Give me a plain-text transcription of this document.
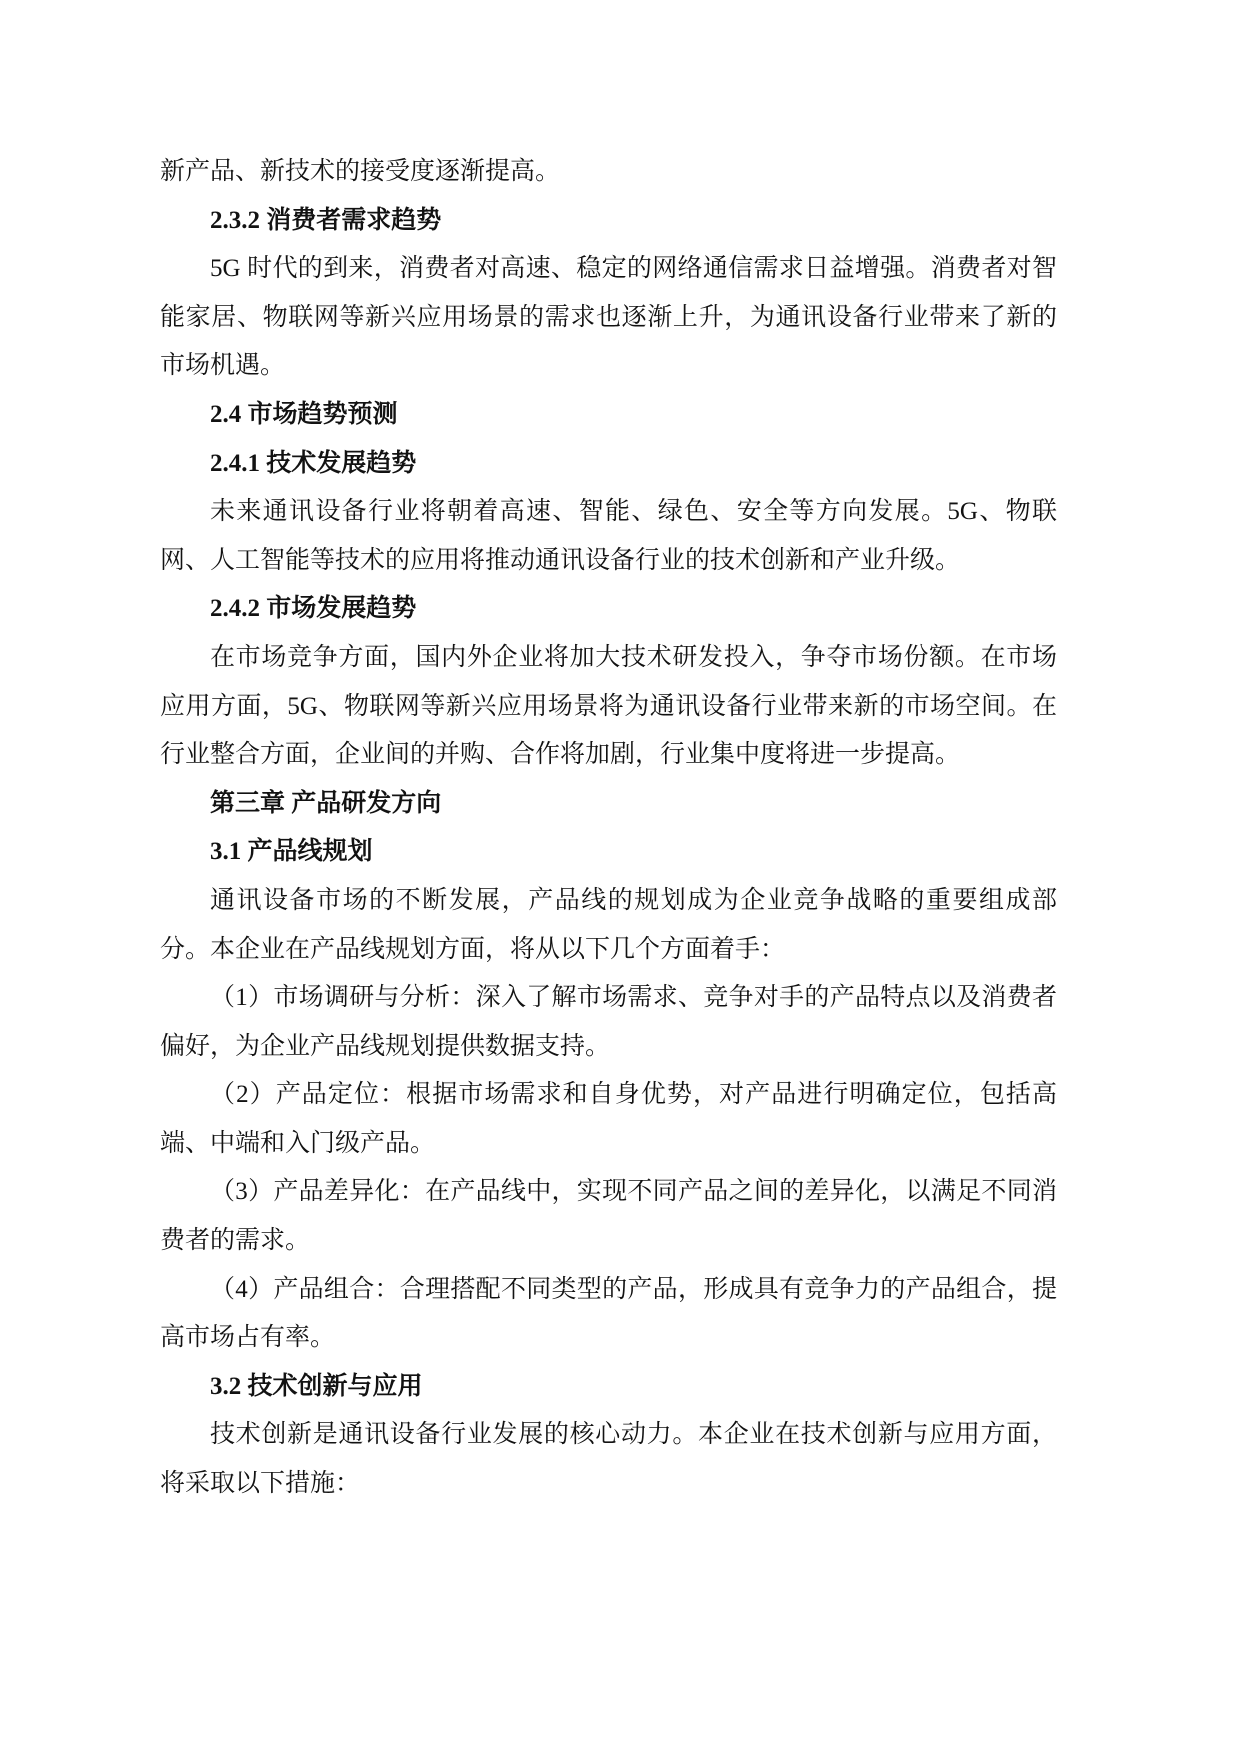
新产品、新技术的接受度逐渐提高。

2.3.2 消费者需求趋势

5G 时代的到来，消费者对高速、稳定的网络通信需求日益增强。消费者对智能家居、物联网等新兴应用场景的需求也逐渐上升，为通讯设备行业带来了新的市场机遇。

2.4 市场趋势预测

2.4.1 技术发展趋势

未来通讯设备行业将朝着高速、智能、绿色、安全等方向发展。5G、物联网、人工智能等技术的应用将推动通讯设备行业的技术创新和产业升级。

2.4.2 市场发展趋势

在市场竞争方面，国内外企业将加大技术研发投入，争夺市场份额。在市场应用方面，5G、物联网等新兴应用场景将为通讯设备行业带来新的市场空间。在行业整合方面，企业间的并购、合作将加剧，行业集中度将进一步提高。

第三章 产品研发方向

3.1 产品线规划

通讯设备市场的不断发展，产品线的规划成为企业竞争战略的重要组成部分。本企业在产品线规划方面，将从以下几个方面着手：

（1）市场调研与分析：深入了解市场需求、竞争对手的产品特点以及消费者偏好，为企业产品线规划提供数据支持。

（2）产品定位：根据市场需求和自身优势，对产品进行明确定位，包括高端、中端和入门级产品。

（3）产品差异化：在产品线中，实现不同产品之间的差异化，以满足不同消费者的需求。

（4）产品组合：合理搭配不同类型的产品，形成具有竞争力的产品组合，提高市场占有率。

3.2 技术创新与应用

技术创新是通讯设备行业发展的核心动力。本企业在技术创新与应用方面，将采取以下措施：
